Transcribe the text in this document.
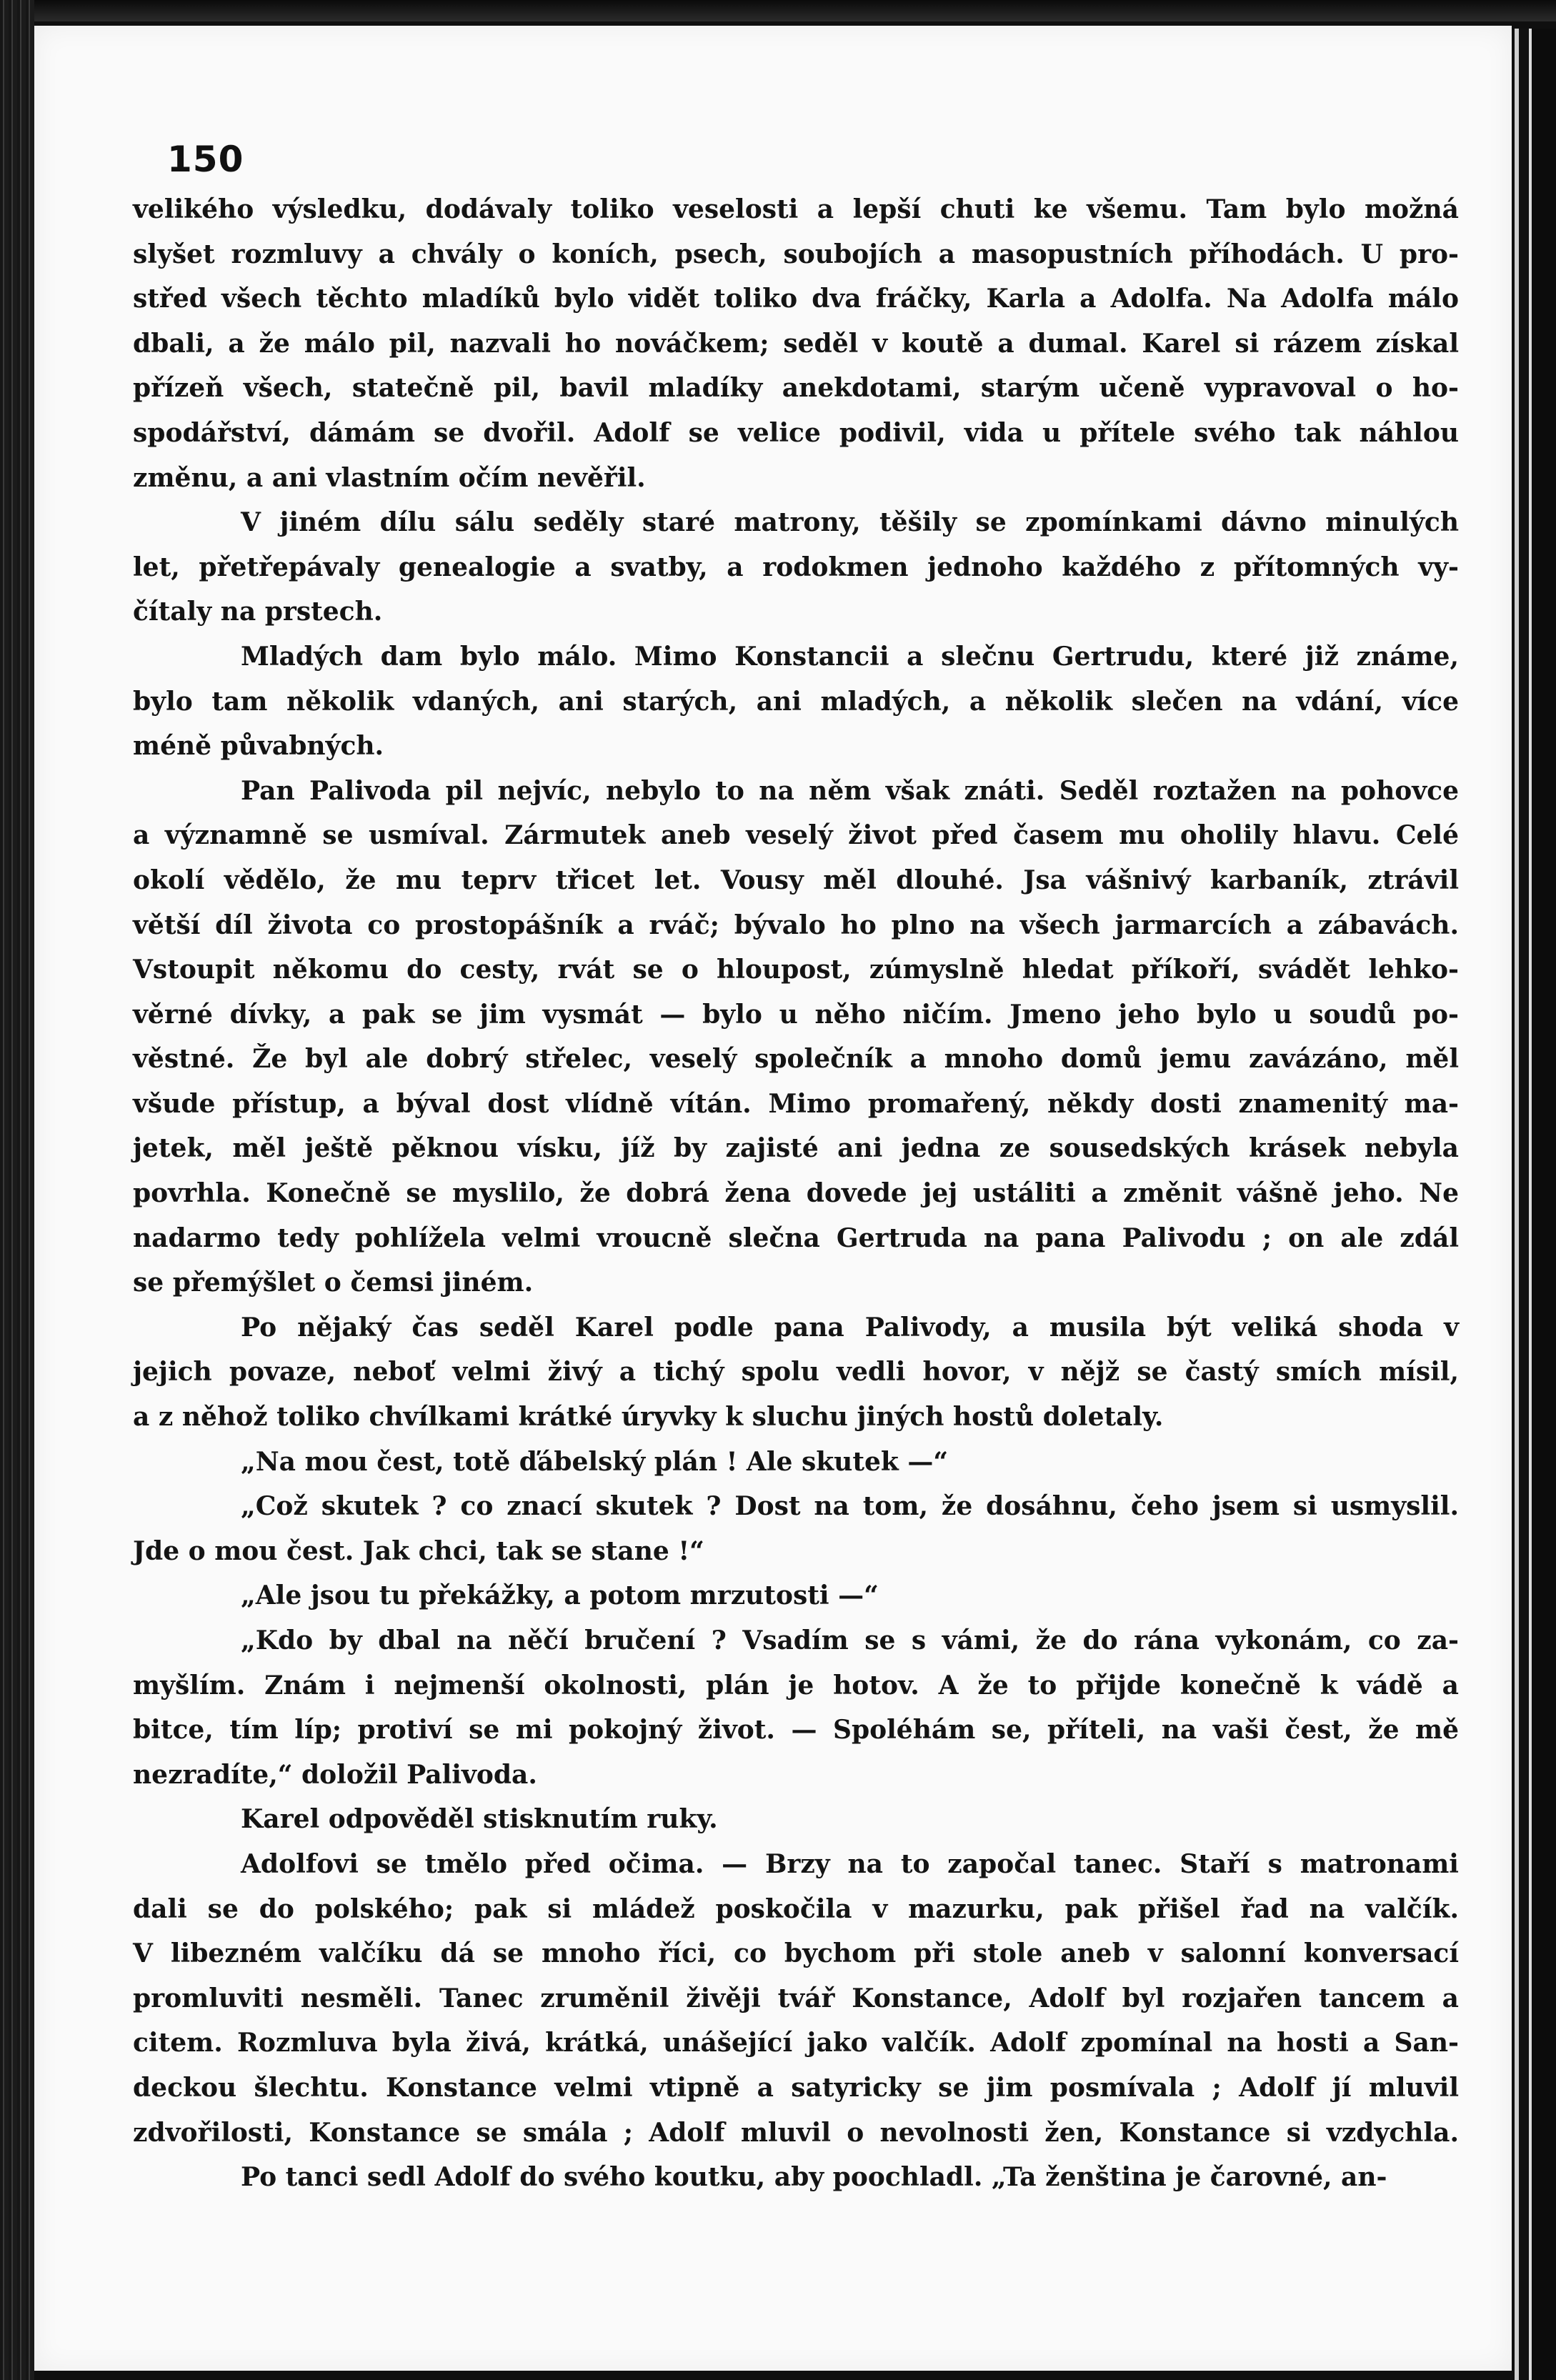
150
velikého výsledku, dodávaly toliko veselosti a lepší chuti ke všemu. Tam bylo možná
slyšet rozmluvy a chvály o koních, psech, soubojích a masopustních příhodách. U pro-
střed všech těchto mladíků bylo vidět toliko dva fráčky, Karla a Adolfa. Na Adolfa málo
dbali, a že málo pil, nazvali ho nováčkem; seděl v koutě a dumal. Karel si rázem získal
přízeň všech, statečně pil, bavil mladíky anekdotami, starým učeně vypravoval o ho-
spodářství, dámám se dvořil. Adolf se velice podivil, vida u přítele svého tak náhlou
změnu, a ani vlastním očím nevěřil.
V jiném dílu sálu seděly staré matrony, těšily se zpomínkami dávno minulých
let, přetřepávaly genealogie a svatby, a rodokmen jednoho každého z přítomných vy-
čítaly na prstech.
Mladých dam bylo málo. Mimo Konstancii a slečnu Gertrudu, které již známe,
bylo tam několik vdaných, ani starých, ani mladých, a několik slečen na vdání, více
méně půvabných.
Pan Palivoda pil nejvíc, nebylo to na něm však znáti. Seděl roztažen na pohovce
a významně se usmíval. Zármutek aneb veselý život před časem mu oholily hlavu. Celé
okolí vědělo, že mu teprv třicet let. Vousy měl dlouhé. Jsa vášnivý karbaník, ztrávil
větší díl života co prostopášník a rváč; bývalo ho plno na všech jarmarcích a zábavách.
Vstoupit někomu do cesty, rvát se o hloupost, zúmyslně hledat příkoří, svádět lehko-
věrné dívky, a pak se jim vysmát — bylo u něho ničím. Jmeno jeho bylo u soudů po-
věstné. Že byl ale dobrý střelec, veselý společník a mnoho domů jemu zavázáno, měl
všude přístup, a býval dost vlídně vítán. Mimo promařený, někdy dosti znamenitý ma-
jetek, měl ještě pěknou vísku, jíž by zajisté ani jedna ze sousedských krásek nebyla
povrhla. Konečně se myslilo, že dobrá žena dovede jej ustáliti a změnit vášně jeho. Ne
nadarmo tedy pohlížela velmi vroucně slečna Gertruda na pana Palivodu ; on ale zdál
se přemýšlet o čemsi jiném.
Po nějaký čas seděl Karel podle pana Palivody, a musila být veliká shoda v
jejich povaze, neboť velmi živý a tichý spolu vedli hovor, v nějž se častý smích mísil,
a z něhož toliko chvílkami krátké úryvky k sluchu jiných hostů doletaly.
„Na mou čest, totě ďábelský plán ! Ale skutek —“
„Což skutek ? co znací skutek ? Dost na tom, že dosáhnu, čeho jsem si usmyslil.
Jde o mou čest. Jak chci, tak se stane !“
„Ale jsou tu překážky, a potom mrzutosti —“
„Kdo by dbal na něčí bručení ? Vsadím se s vámi, že do rána vykonám, co za-
myšlím. Znám i nejmenší okolnosti, plán je hotov. A že to přijde konečně k vádě a
bitce, tím líp; protiví se mi pokojný život. — Spoléhám se, příteli, na vaši čest, že mě
nezradíte,“ doložil Palivoda.
Karel odpověděl stisknutím ruky.
Adolfovi se tmělo před očima. — Brzy na to započal tanec. Staří s matronami
dali se do polského; pak si mládež poskočila v mazurku, pak přišel řad na valčík.
V libezném valčíku dá se mnoho říci, co bychom při stole aneb v salonní konversací
promluviti nesměli. Tanec zruměnil živěji tvář Konstance, Adolf byl rozjařen tancem a
citem. Rozmluva byla živá, krátká, unášející jako valčík. Adolf zpomínal na hosti a San-
deckou šlechtu. Konstance velmi vtipně a satyricky se jim posmívala ; Adolf jí mluvil
zdvořilosti, Konstance se smála ; Adolf mluvil o nevolnosti žen, Konstance si vzdychla.
Po tanci sedl Adolf do svého koutku, aby poochladl. „Ta ženština je čarovné, an-
